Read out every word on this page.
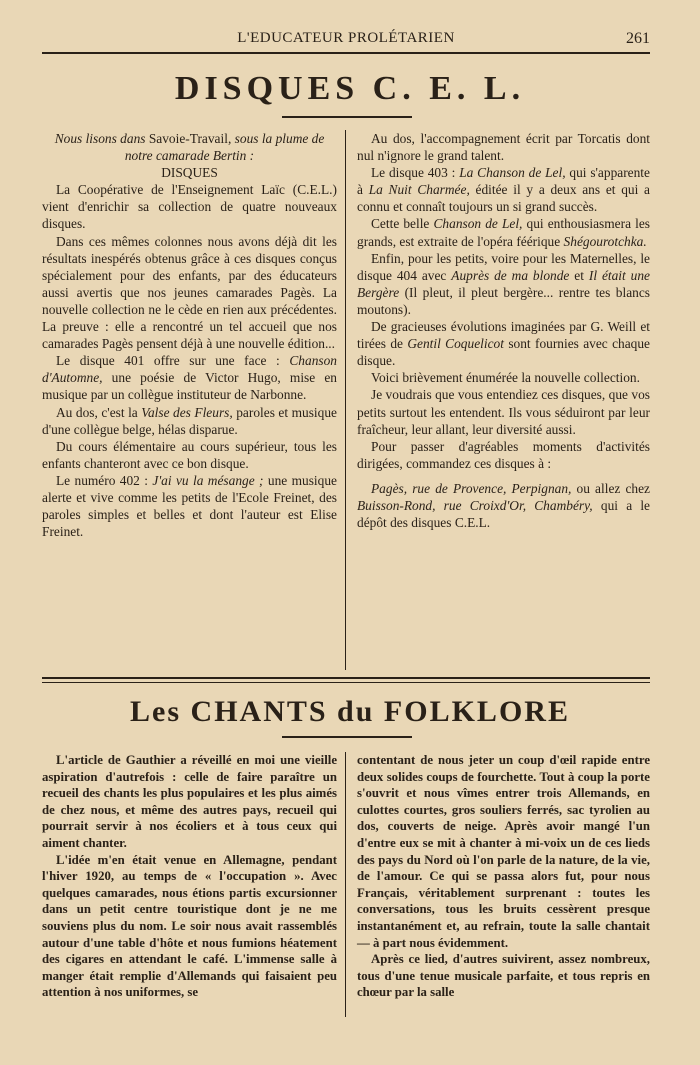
L'EDUCATEUR PROLÉTARIEN	261
DISQUES C. E. L.

Nous lisons dans Savoie-Travail, sous la plume de notre camarade Bertin :

DISQUES

La Coopérative de l'Enseignement Laïc (C.E.L.) vient d'enrichir sa collection de quatre nouveaux disques.

Dans ces mêmes colonnes nous avons déjà dit les résultats inespérés obtenus grâce à ces disques conçus spécialement pour des enfants, par des éducateurs aussi avertis que nos jeunes camarades Pagès. La nouvelle collection ne le cède en rien aux précédentes. La preuve : elle a rencontré un tel accueil que nos camarades Pagès pensent déjà à une nouvelle édition...

Le disque 401 offre sur une face : Chanson d'Automne, une poésie de Victor Hugo, mise en musique par un collègue instituteur de Narbonne.

Au dos, c'est la Valse des Fleurs, paroles et musique d'une collègue belge, hélas disparue.

Du cours élémentaire au cours supérieur, tous les enfants chanteront avec ce bon disque.

Le numéro 402 : J'ai vu la mésange ; une musique alerte et vive comme les petits de l'Ecole Freinet, des paroles simples et belles et dont l'auteur est Elise Freinet.

Au dos, l'accompagnement écrit par Torcatis dont nul n'ignore le grand talent.

Le disque 403 : La Chanson de Lel, qui s'apparente à La Nuit Charmée, éditée il y a deux ans et qui a connu et connaît toujours un si grand succès.

Cette belle Chanson de Lel, qui enthousiasmera les grands, est extraite de l'opéra féérique Shégourotchka.

Enfin, pour les petits, voire pour les Maternelles, le disque 404 avec Auprès de ma blonde et Il était une Bergère (Il pleut, il pleut bergère... rentre tes blancs moutons).

De gracieuses évolutions imaginées par G. Weill et tirées de Gentil Coquelicot sont fournies avec chaque disque.

Voici brièvement énumérée la nouvelle collection.

Je voudrais que vous entendiez ces disques, que vos petits surtout les entendent. Ils vous séduiront par leur fraîcheur, leur allant, leur diversité aussi.

Pour passer d'agréables moments d'activités dirigées, commandez ces disques à :

Pagès, rue de Provence, Perpignan, ou allez chez Buisson-Rond, rue Croixd'Or, Chambéry, qui a le dépôt des disques C.E.L.

Les CHANTS du FOLKLORE

L'article de Gauthier a réveillé en moi une vieille aspiration d'autrefois : celle de faire paraître un recueil des chants les plus populaires et les plus aimés de chez nous, et même des autres pays, recueil qui pourrait servir à nos écoliers et à tous ceux qui aiment chanter.

L'idée m'en était venue en Allemagne, pendant l'hiver 1920, au temps de « l'occupation ». Avec quelques camarades, nous étions partis excursionner dans un petit centre touristique dont je ne me souviens plus du nom. Le soir nous avait rassemblés autour d'une table d'hôte et nous fumions héatement des cigares en attendant le café. L'immense salle à manger était remplie d'Allemands qui faisaient peu attention à nos uniformes, se

contentant de nous jeter un coup d'œil rapide entre deux solides coups de fourchette. Tout à coup la porte s'ouvrit et nous vîmes entrer trois Allemands, en culottes courtes, gros souliers ferrés, sac tyrolien au dos, couverts de neige. Après avoir mangé l'un d'entre eux se mit à chanter à mi-voix un de ces lieds des pays du Nord où l'on parle de la nature, de la vie, de l'amour. Ce qui se passa alors fut, pour nous Français, véritablement surprenant : toutes les conversations, tous les bruits cessèrent presque instantanément et, au refrain, toute la salle chantait — à part nous évidemment.

Après ce lied, d'autres suivirent, assez nombreux, tous d'une tenue musicale parfaite, et tous repris en chœur par la salle
